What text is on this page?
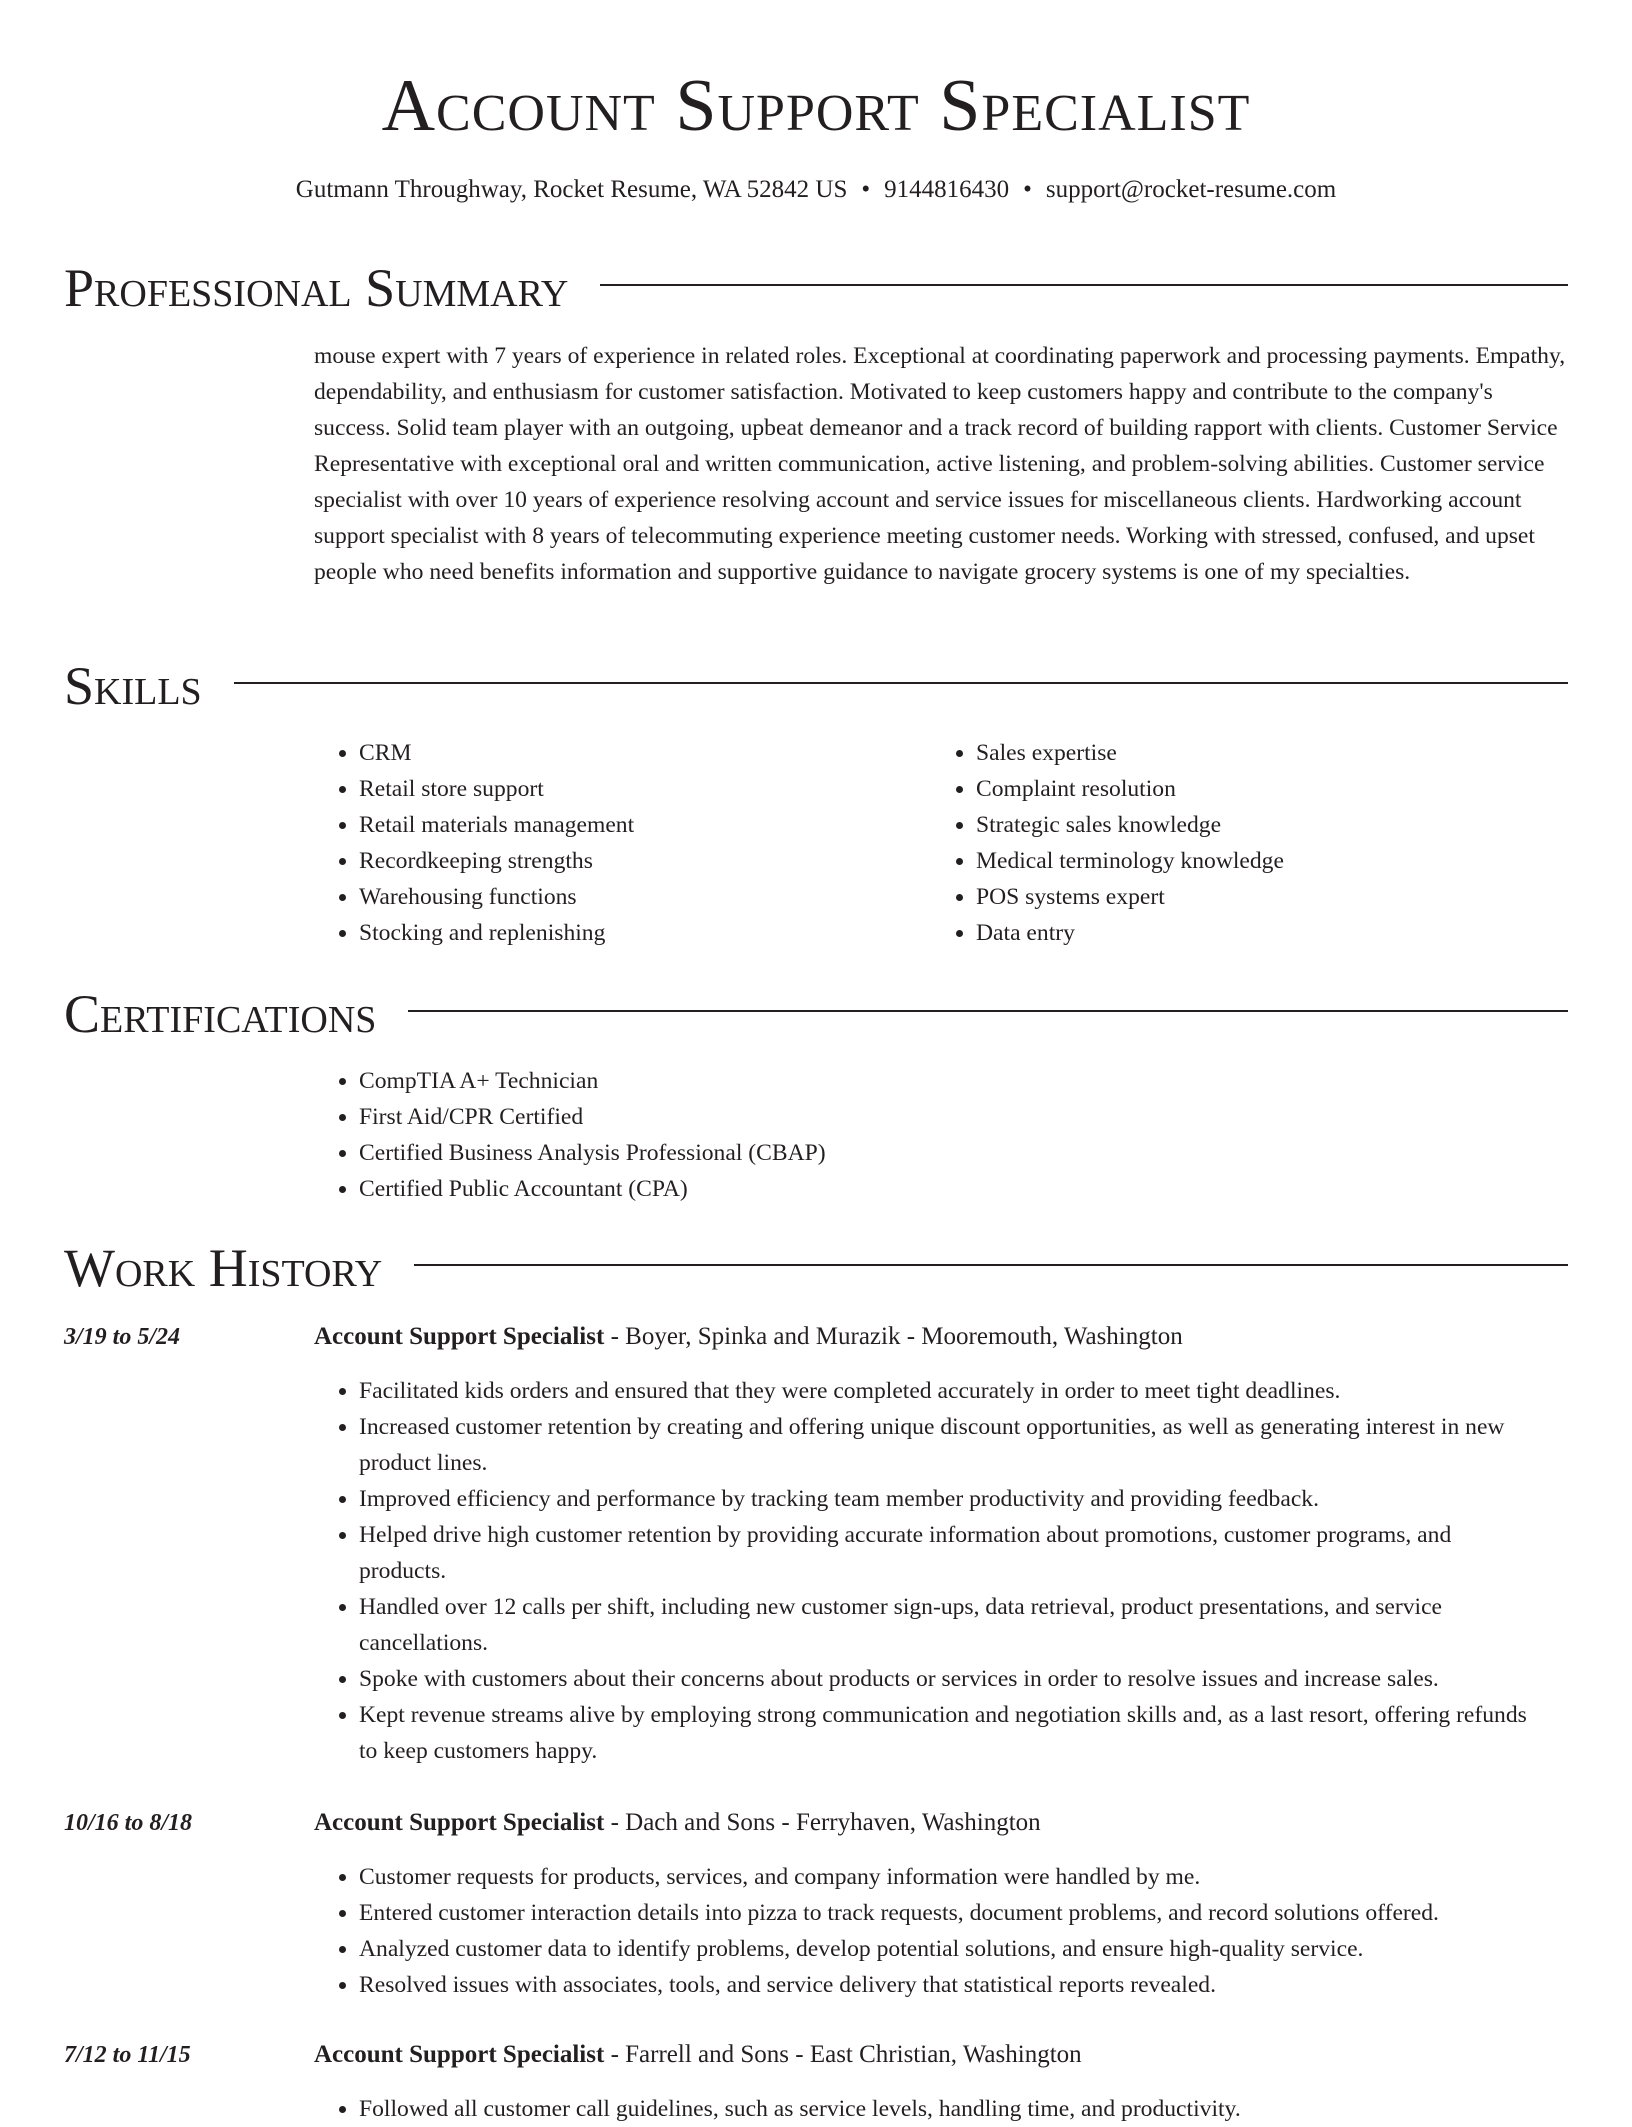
Account Support Specialist
Gutmann Throughway, Rocket Resume, WA 52842 US • 9144816430 • support@rocket-resume.com
Professional Summary

mouse expert with 7 years of experience in related roles. Exceptional at coordinating paperwork and processing payments. Empathy, dependability, and enthusiasm for customer satisfaction. Motivated to keep customers happy and contribute to the company's success. Solid team player with an outgoing, upbeat demeanor and a track record of building rapport with clients. Customer Service Representative with exceptional oral and written communication, active listening, and problem-solving abilities. Customer service specialist with over 10 years of experience resolving account and service issues for miscellaneous clients. Hardworking account support specialist with 8 years of telecommuting experience meeting customer needs. Working with stressed, confused, and upset people who need benefits information and supportive guidance to navigate grocery systems is one of my specialties.

Skills
• CRM
• Retail store support
• Retail materials management
• Recordkeeping strengths
• Warehousing functions
• Stocking and replenishing
• Sales expertise
• Complaint resolution
• Strategic sales knowledge
• Medical terminology knowledge
• POS systems expert
• Data entry
Certifications
• CompTIA A+ Technician
• First Aid/CPR Certified
• Certified Business Analysis Professional (CBAP)
• Certified Public Accountant (CPA)
Work History
3/19 to 5/24	Account Support Specialist - Boyer, Spinka and Murazik - Mooremouth, Washington
• Facilitated kids orders and ensured that they were completed accurately in order to meet tight deadlines.
• Increased customer retention by creating and offering unique discount opportunities, as well as generating interest in new product lines.
• Improved efficiency and performance by tracking team member productivity and providing feedback.
• Helped drive high customer retention by providing accurate information about promotions, customer programs, and products.
• Handled over 12 calls per shift, including new customer sign-ups, data retrieval, product presentations, and service cancellations.
• Spoke with customers about their concerns about products or services in order to resolve issues and increase sales.
• Kept revenue streams alive by employing strong communication and negotiation skills and, as a last resort, offering refunds to keep customers happy.
10/16 to 8/18	Account Support Specialist - Dach and Sons - Ferryhaven, Washington
• Customer requests for products, services, and company information were handled by me.
• Entered customer interaction details into pizza to track requests, document problems, and record solutions offered.
• Analyzed customer data to identify problems, develop potential solutions, and ensure high-quality service.
• Resolved issues with associates, tools, and service delivery that statistical reports revealed.
7/12 to 11/15	Account Support Specialist - Farrell and Sons - East Christian, Washington
• Followed all customer call guidelines, such as service levels, handling time, and productivity.
